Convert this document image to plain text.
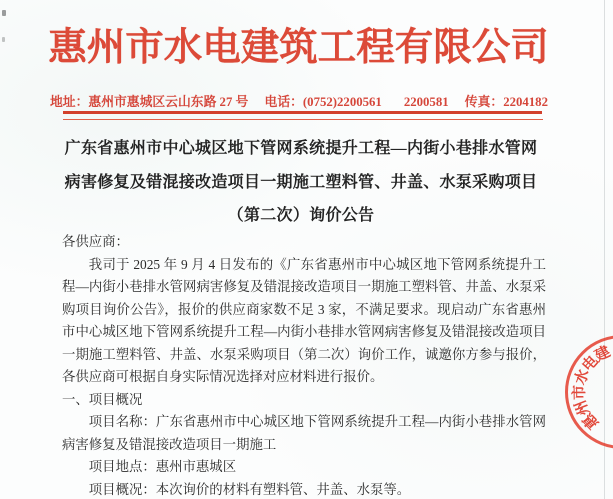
惠州市水电建筑工程有限公司
地址：惠州市惠城区云山东路 27 号 电话：(0752)2200561 2200581 传真：2204182
广东省惠州市中心城区地下管网系统提升工程—内街小巷排水管网
病害修复及错混接改造项目一期施工塑料管、井盖、水泵采购项目
（第二次）询价公告
各供应商：
我司于 2025 年 9 月 4 日发布的《广东省惠州市中心城区地下管网系统提升工程—内街小巷排水管网病害修复及错混接改造项目一期施工塑料管、井盖、水泵采购项目询价公告》，报价的供应商家数不足 3 家，不满足要求。现启动广东省惠州市中心城区地下管网系统提升工程—内街小巷排水管网病害修复及错混接改造项目一期施工塑料管、井盖、水泵采购项目（第二次）询价工作，诚邀你方参与报价，各供应商可根据自身实际情况选择对应材料进行报价。
一、项目概况
项目名称：广东省惠州市中心城区地下管网系统提升工程—内街小巷排水管网病害修复及错混接改造项目一期施工
项目地点：惠州市惠城区
项目概况：本次询价的材料有塑料管、井盖、水泵等。
惠
州
市
水
电
建
